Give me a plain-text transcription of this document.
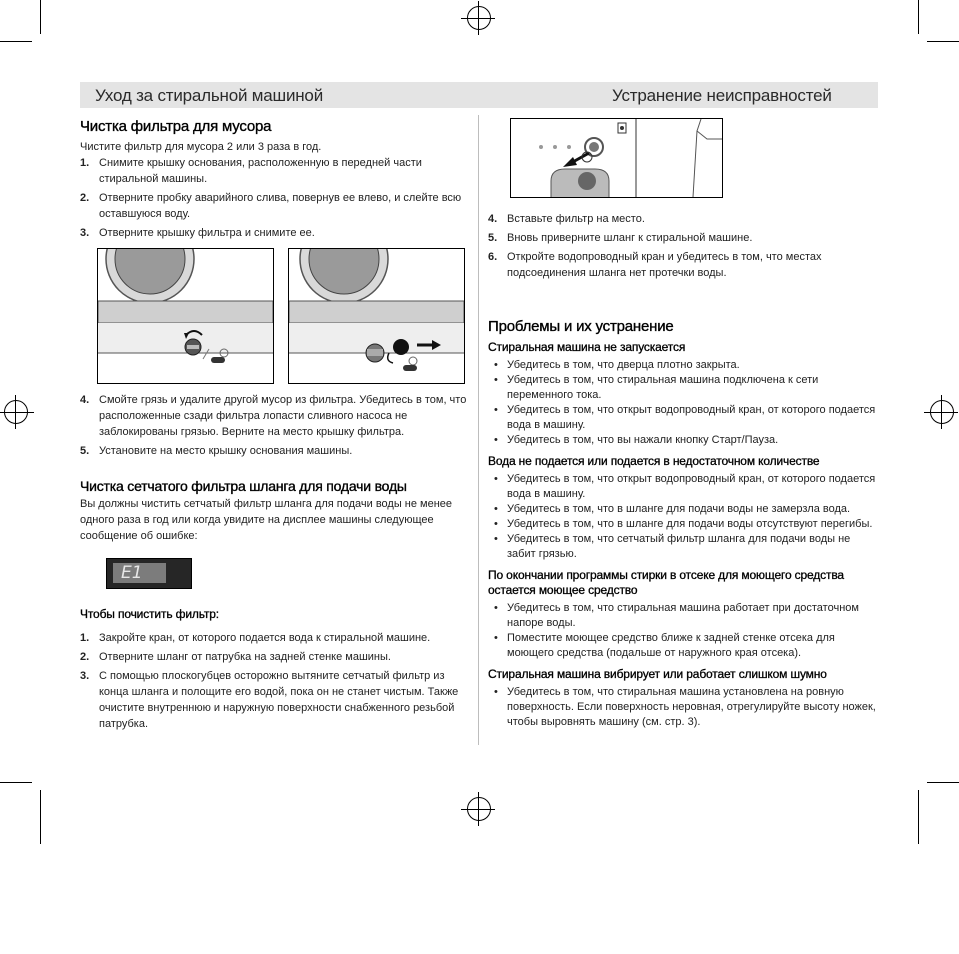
Уход за стиральной машиной	Устранение неисправностей
Чистка фильтра для мусора

Чистите фильтр для мусора 2 или 3 раза в год.

1. Снимите крышку основания, расположенную в передней части стиральной машины.
2. Отверните пробку аварийного слива, повернув ее влево, и слейте всю оставшуюся воду.
3. Отверните крышку фильтра и снимите ее.
4. Смойте грязь и удалите другой мусор из фильтра. Убедитесь в том, что расположенные сзади фильтра лопасти сливного насоса не заблокированы грязью. Верните на место крышку фильтра.
5. Установите на место крышку основания машины.
Чистка сетчатого фильтра шланга для подачи воды

Вы должны чистить сетчатый фильтр шланга для подачи воды не менее одного раза в год или когда увидите на дисплее машины следующее сообщение об ошибке:

E1
Чтобы почистить фильтр:
1. Закройте кран, от которого подается вода к стиральной машине.
2. Отверните шланг от патрубка на задней стенке машины.
3. С помощью плоскогубцев осторожно вытяните сетчатый фильтр из конца шланга и полощите его водой, пока он не станет чистым. Также очистите внутреннюю и наружную поверхности снабженного резьбой патрубка.
4. Вставьте фильтр на место.
5. Вновь приверните шланг к стиральной машине.
6. Откройте водопроводный кран и убедитесь в том, что местах подсоединения шланга нет протечки воды.
Проблемы и их устранение
Стиральная машина не запускается
• Убедитесь в том, что дверца плотно закрыта.
• Убедитесь в том, что стиральная машина подключена к сети переменного тока.
• Убедитесь в том, что открыт водопроводный кран, от которого подается вода в машину.
• Убедитесь в том, что вы нажали кнопку Старт/Пауза.
Вода не подается или подается в недостаточном количестве
• Убедитесь в том, что открыт водопроводный кран, от которого подается вода в машину.
• Убедитесь в том, что в шланге для подачи воды не замерзла вода.
• Убедитесь в том, что в шланге для подачи воды отсутствуют перегибы.
• Убедитесь в том, что сетчатый фильтр шланга для подачи воды не забит грязью.
По окончании программы стирки в отсеке для моющего средства остается моющее средство
• Убедитесь в том, что стиральная машина работает при достаточном напоре воды.
• Поместите моющее средство ближе к задней стенке отсека для моющего средства (подальше от наружного края отсека).
Стиральная машина вибрирует или работает слишком шумно
• Убедитесь в том, что стиральная машина установлена на ровную поверхность. Если поверхность неровная, отрегулируйте высоту ножек, чтобы выровнять машину (см. стр. 3).
